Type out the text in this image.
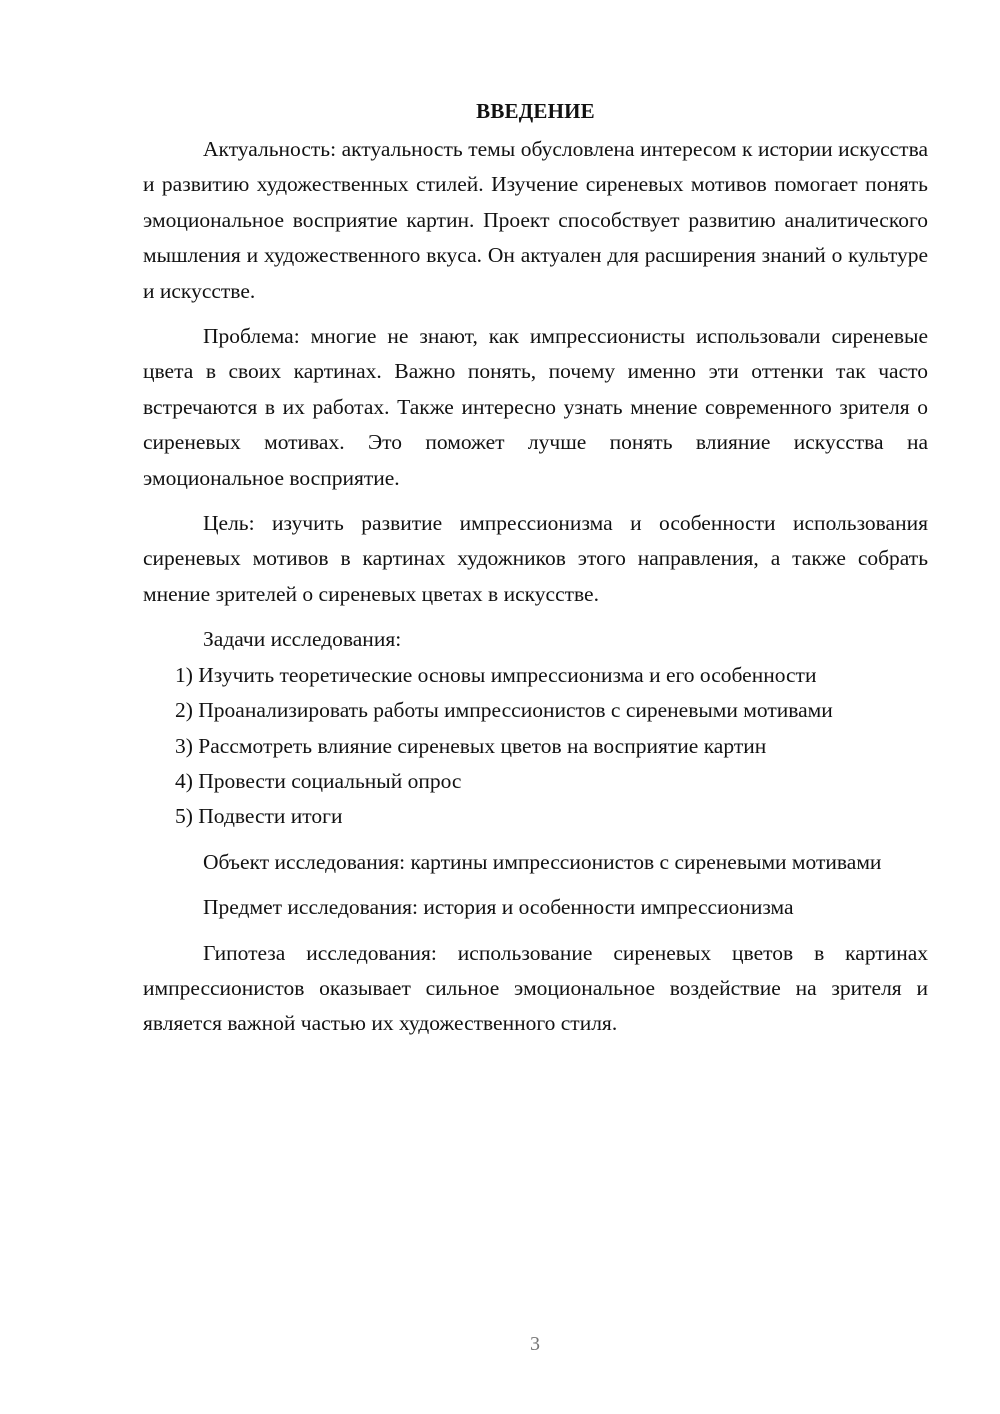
ВВЕДЕНИЕ

Актуальность: актуальность темы обусловлена интересом к истории искусства и развитию художественных стилей. Изучение сиреневых мотивов помогает понять эмоциональное восприятие картин. Проект способствует развитию аналитического мышления и художественного вкуса. Он актуален для расширения знаний о культуре и искусстве.

Проблема: многие не знают, как импрессионисты использовали сиреневые цвета в своих картинах. Важно понять, почему именно эти оттенки так часто встречаются в их работах. Также интересно узнать мнение современного зрителя о сиреневых мотивах. Это поможет лучше понять влияние искусства на эмоциональное восприятие.

Цель: изучить развитие импрессионизма и особенности использования сиреневых мотивов в картинах художников этого направления, а также собрать мнение зрителей о сиреневых цветах в искусстве.

Задачи исследования:

1) Изучить теоретические основы импрессионизма и его особенности

2) Проанализировать работы импрессионистов с сиреневыми мотивами

3) Рассмотреть влияние сиреневых цветов на восприятие картин

4) Провести социальный опрос

5) Подвести итоги

Объект исследования: картины импрессионистов с сиреневыми мотивами

Предмет исследования: история и особенности импрессионизма

Гипотеза исследования: использование сиреневых цветов в картинах импрессионистов оказывает сильное эмоциональное воздействие на зрителя и является важной частью их художественного стиля.

3
